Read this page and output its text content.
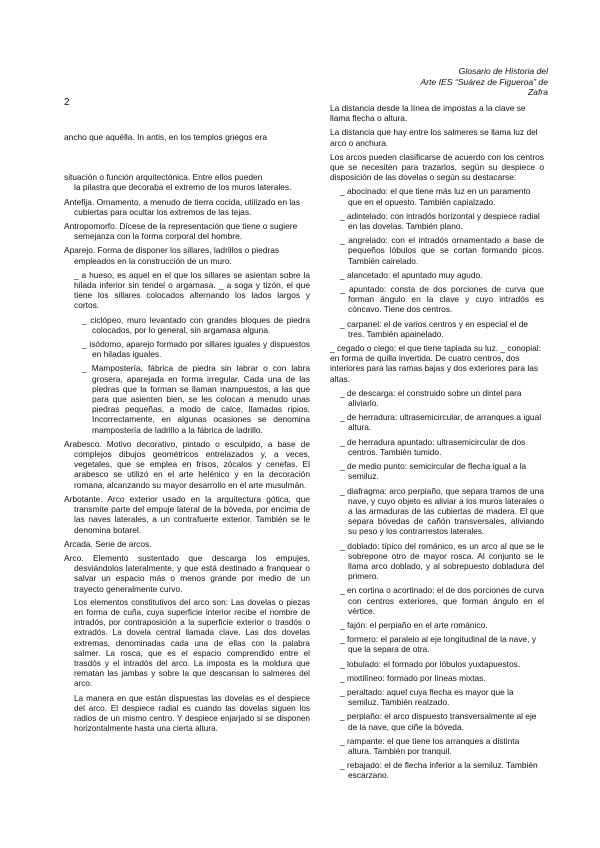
Glosario de Historia del
Arte IES “Suárez de Figueroa” de
Zafra
2

ancho que aquélla. In antis, en los templos griegos era

situación o función arquitectónica. Entre ellos pueden

la pilastra que decoraba el extremo de los muros laterales.

Antefija. Ornamento, a menudo de tierra cocida, utilizado en las cubiertas para ocultar los extremos de las tejas.

Antropomorfo. Dícese de la representación que tiene o sugiere semejanza con la forma corporal del hombre.

Aparejo. Forma de disponer los sillares, ladrillos o piedras empleados en la construcción de un muro.

_ a hueso, es aquel en el que los sillares se asientan sobre la hilada inferior sin tendel o argamasa. _ a soga y tizón, el que tiene los sillares colocados alternando los lados largos y cortos.

_ ciclópeo, muro levantado con grandes bloques de piedra colocados, por lo general, sin argamasa alguna.

_ isódomo, aparejo formado por sillares iguales y dispuestos en hiladas iguales.

_ Mampostería, fábrica de piedra sin labrar o con labra grosera, aparejada en forma irregular. Cada una de las piedras que la forman se llaman mampuestos, a las que para que asienten bien, se les colocan a menudo unas piedras pequeñas, a modo de calce, llamadas ripios. Incorrectamente, en algunas ocasiones se denomina mampostería de ladrillo a la fábrica de ladrillo.

Arabesco. Motivo decorativo, pintado o esculpido, a base de complejos dibujos geométricos entrelazados y, a veces, vegetales, que se emplea en frisos, zócalos y cenefas. El arabesco se utilizó en el arte helénico y en la decoración romana, alcanzando su mayor desarrollo en el arte musulmán.

Arbotante. Arco exterior usado en la arquitectura gótica, que transmite parte del empuje lateral de la bóveda, por encima de las naves laterales, a un contrafuerte exterior. También se le denomina botarel.

Arcada. Serie de arcos.

Arco. Elemento sustentado que descarga los empujes, desviándolos lateralmente, y que está destinado a franquear o salvar un espacio más o menos grande por medio de un trayecto generalmente curvo.

Los elementos constitutivos del arco son: Las dovelas o piezas en forma de cuña, cuya superficie interior recibe el nombre de intradós, por contraposición a la superficie exterior o trasdós o extradós. La dovela central llamada clave. Las dos dovelas extremas, denominadas cada una de ellas con la palabra salmer. La rosca, que es el espacio comprendido entre el trasdós y el intradós del arco. La imposta es la moldura que rematan las jambas y sobre la que descansan lo salmeres del arco.

La manera en que están dispuestas las dovelas es el despiece del arco. El despiece radial es cuando las dovelas siguen los radios de un mismo centro. Y despiece enjarjado si se disponen horizontalmente hasta una cierta altura.

La distancia desde la línea de impostas a la clave se llama flecha o altura.

La distancia que hay entre los salmeres se llama luz del arco o anchura.

Los arcos pueden clasificarse de acuerdo con los centros que se necesiten para trazarlos, según su despiece o disposición de las dovelas o según su destacarse:

_ abocinado: el que tiene más luz en un paramento que en el opuesto. También capialzado.

_ adintelado: con intradós horizontal y despiece radial en las dovelas. También plano.

_ angrelado: con el intradós ornamentado a base de pequeños lóbulos que se cortan formando picos. También cairelado.

_ alancetado: el apuntado muy agudo.

_ apuntado: consta de dos porciones de curva que forman ángulo en la clave y cuyo intradós es cóncavo. Tiene dos centros.

_ carpanel: el de varios centros y en especial el de tres. También apainelado.

_ cegado o ciego: el que tiene tapiada su luz. _ conopial: en forma de quilla invertida. De cuatro centros, dos interiores para las ramas bajas y dos exteriores para las altas.

_ de descarga: el construido sobre un dintel para aliviarlo.

_ de herradura: ultrasemicircular, de arranques a igual altura.

_ de herradura apuntado: ultrasemicircular de dos centros. También tumido.

_ de medio punto: semicircular de flecha igual a la semiluz.

_ diafragma: arco perpiaño, que separa tramos de una nave, y cuyo objeto es aliviar a los muros laterales o a las armaduras de las cubiertas de madera. El que separa bóvedas de cañón transversales, aliviando su peso y los contrarrestos laterales.

_ doblado: típico del románico, es un arco al que se le sobrepone otro de mayor rosca. Al conjunto se le llama arco doblado, y al sobrepuesto dobladura del primero.

_ en cortina o acortinado: el de dos porciones de curva con centros exteriores, que forman ángulo en el vértice.

_ fajón: el perpiaño en el arte románico.

_ formero: el paralelo al eje longitudinal de la nave, y que la separa de otra.

_ lobulado: el formado por lóbulos yuxtapuestos.

_ mixtilíneo: formado por líneas mixtas.

_ peraltado: aquel cuya flecha es mayor que la semiluz. También realzado.

_ perpiaño: el arco dispuesto transversalmente al eje de la nave, que ciñe la bóveda.

_ rampante: el que tiene los arranques a distinta altura. También por tranquil.

_ rebajado: el de flecha inferior a la semiluz. También escarzano.
